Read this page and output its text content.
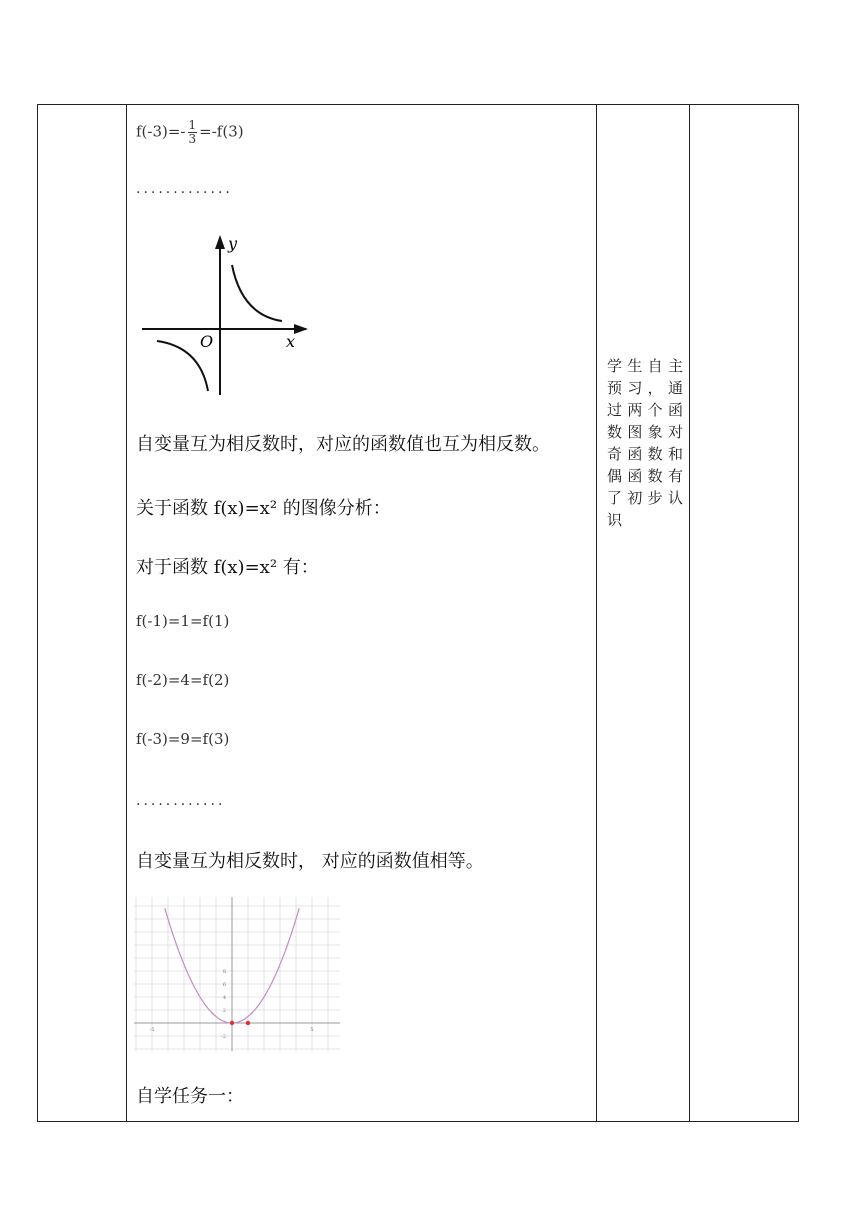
$f(-3)=- \frac{1}{3} =-f(3)$
.............
y
x
O
自变量互为相反数时，对应的函数值也互为相反数。
关于函数 f(x)=x² 的图像分析：
对于函数 f(x)=x² 有：
f(-1)=1=f(1)
f(-2)=4=f(2)
f(-3)=9=f(3)
............
自变量互为相反数时， 对应的函数值相等。
8
6
4
2
-2
-5	5
自学任务一：
学生自主预习，通过两个函数图象对奇函数和偶函数有了初步认识
